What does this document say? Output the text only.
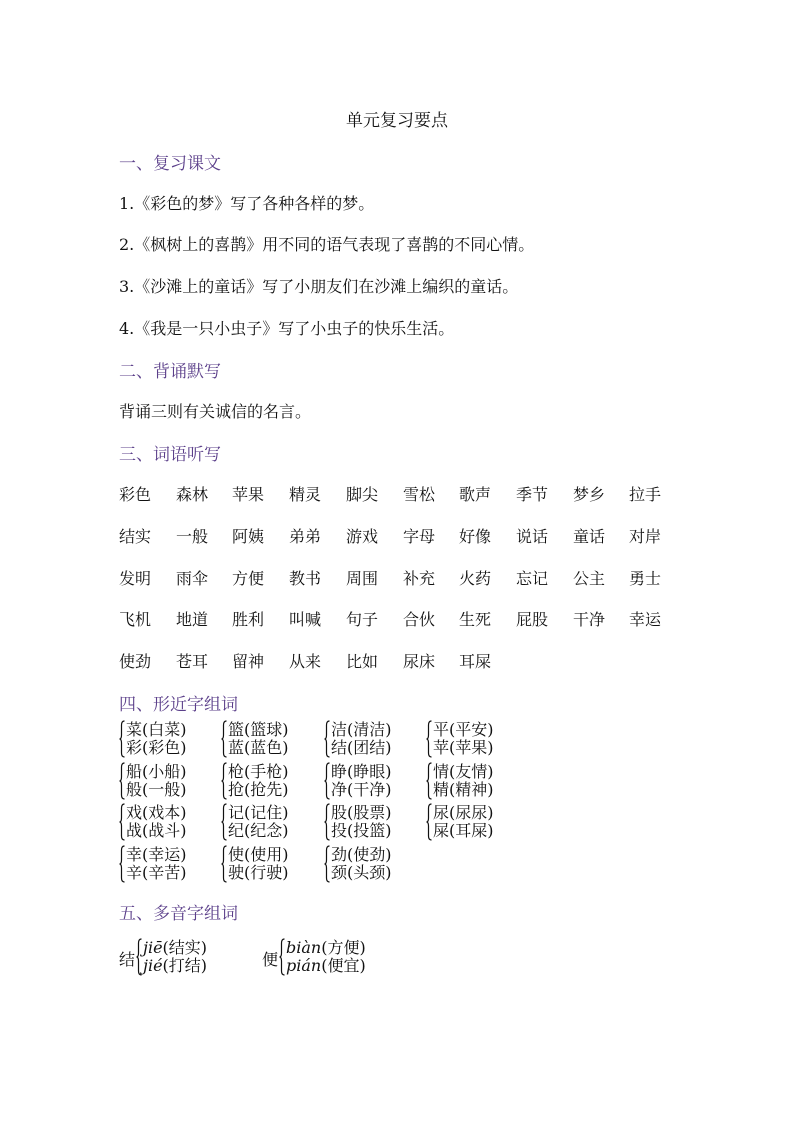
单元复习要点
一、复习课文
1.《彩色的梦》写了各种各样的梦。
2.《枫树上的喜鹊》用不同的语气表现了喜鹊的不同心情。
3.《沙滩上的童话》写了小朋友们在沙滩上编织的童话。
4.《我是一只小虫子》写了小虫子的快乐生活。
二、背诵默写
背诵三则有关诚信的名言。
三、词语听写
彩色 森林 苹果 精灵 脚尖 雪松 歌声 季节 梦乡 拉手
结实 一般 阿姨 弟弟 游戏 字母 好像 说话 童话 对岸
发明 雨伞 方便 教书 周围 补充 火药 忘记 公主 勇士
飞机 地道 胜利 叫喊 句子 合伙 生死 屁股 干净 幸运
使劲 苍耳 留神 从来 比如 尿床 耳屎
四、形近字组词
菜(白菜)
彩(彩色)
篮(篮球)
蓝(蓝色)
洁(清洁)
结(团结)
平(平安)
苹(苹果)
船(小船)
般(一般)
枪(手枪)
抢(抢先)
睁(睁眼)
净(干净)
情(友情)
精(精神)
戏(戏本)
战(战斗)
记(记住)
纪(纪念)
股(股票)
投(投篮)
尿(尿尿)
屎(耳屎)
幸(幸运)
辛(辛苦)
使(使用)
驶(行驶)
劲(使劲)
颈(头颈)
五、多音字组词
结
jiē(结实)
jié(打结)	便
biàn(方便)
pián(便宜)
